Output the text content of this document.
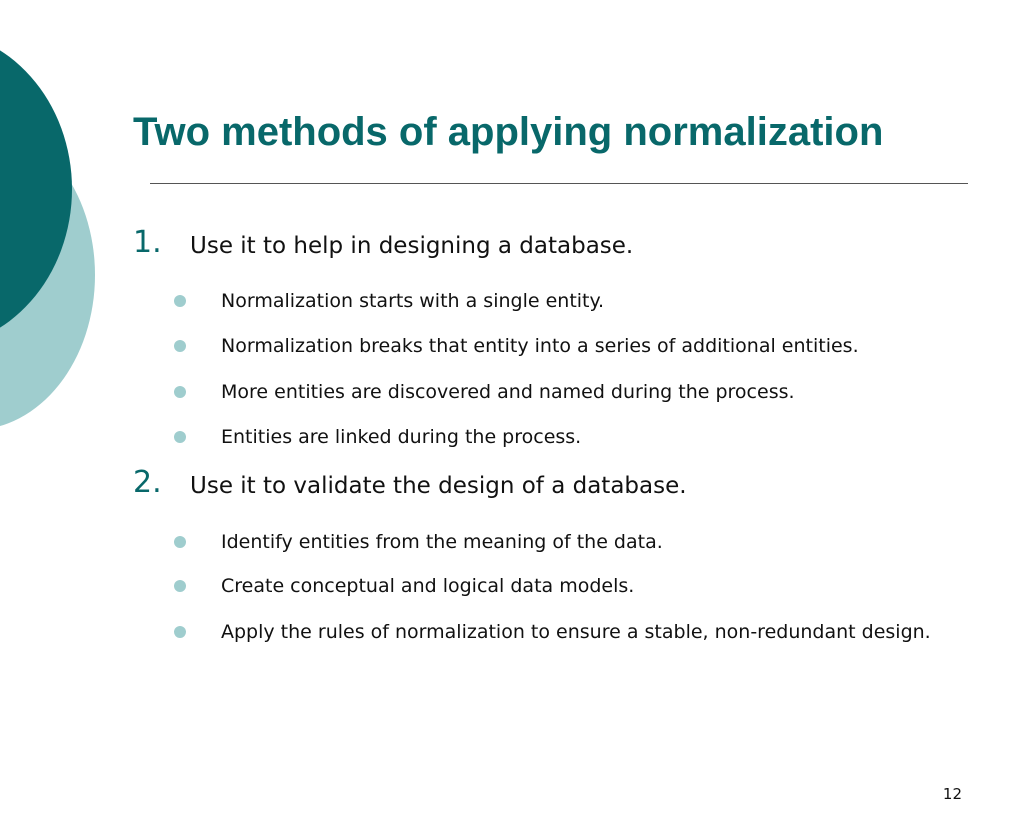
Two methods of applying normalization
1. Use it to help in designing a database.
Normalization starts with a single entity.
Normalization breaks that entity into a series of additional entities.
More entities are discovered and named during the process.
Entities are linked during the process.
2. Use it to validate the design of a database.
Identify entities from the meaning of the data.
Create conceptual and logical data models.
Apply the rules of normalization to ensure a stable, non-redundant design.
12
